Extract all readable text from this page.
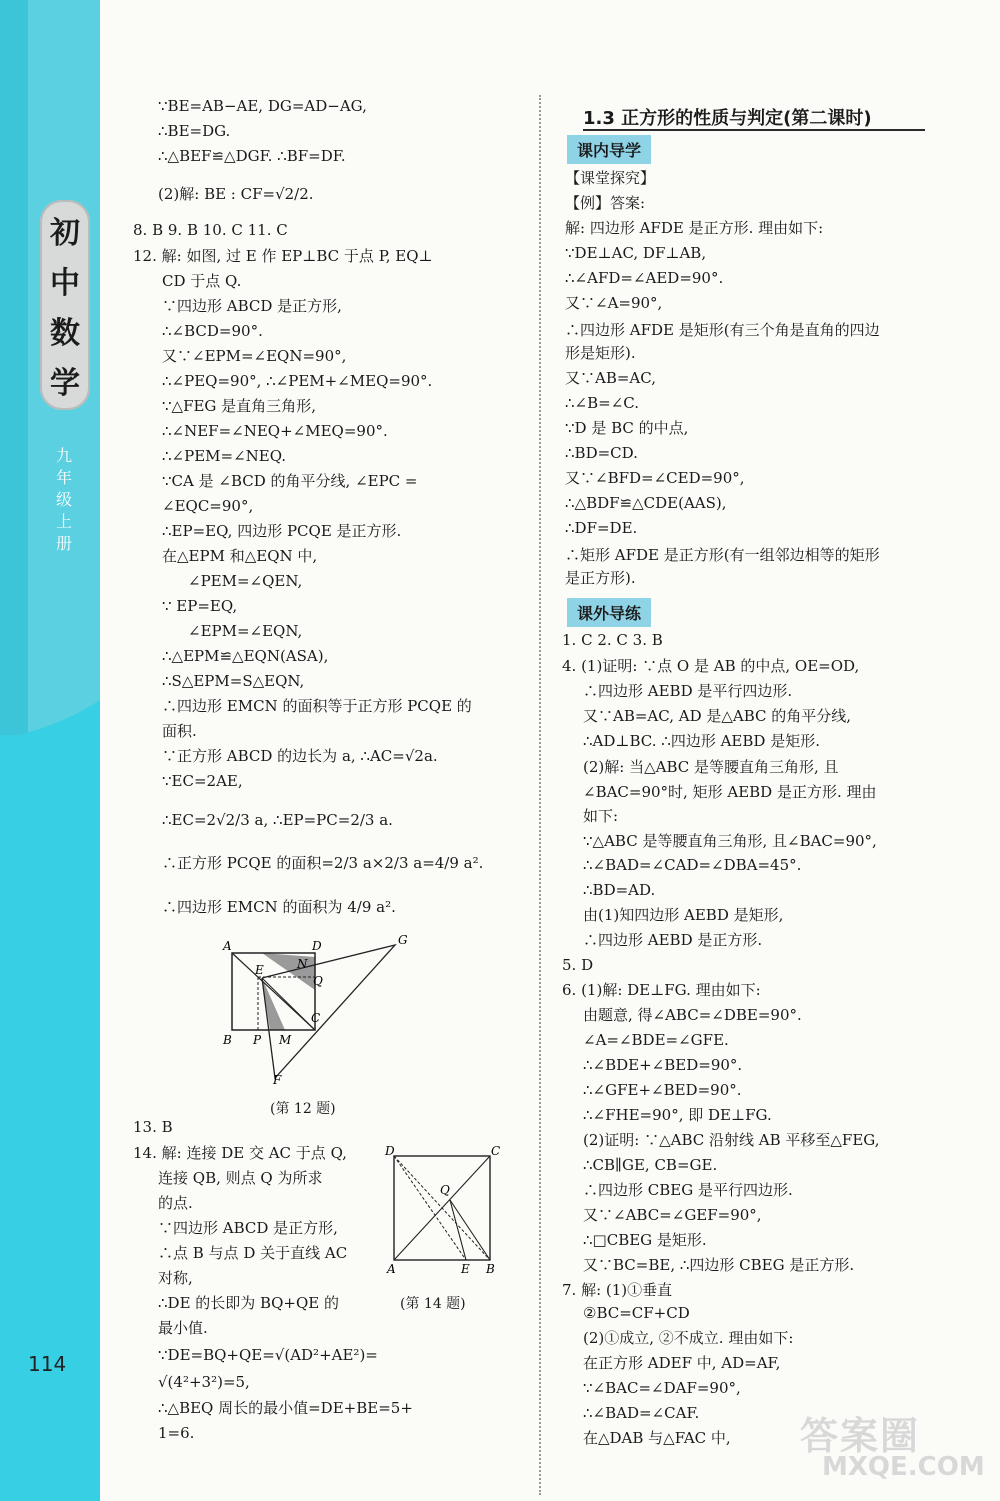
初
中
数
学
九
年
级
上
册
114
∵BE=AB−AE, DG=AD−AG,
∴BE=DG.
∴△BEF≌△DGF. ∴BF=DF.
(2)解: BE : CF=√2/2.
8. B 9. B 10. C 11. C
12. 解: 如图, 过 E 作 EP⊥BC 于点 P, EQ⊥
CD 于点 Q.
∵四边形 ABCD 是正方形,
∴∠BCD=90°.
又∵∠EPM=∠EQN=90°,
∴∠PEQ=90°, ∴∠PEM+∠MEQ=90°.
∵△FEG 是直角三角形,
∴∠NEF=∠NEQ+∠MEQ=90°.
∴∠PEM=∠NEQ.
∵CA 是 ∠BCD 的角平分线, ∠EPC =
∠EQC=90°,
∴EP=EQ, 四边形 PCQE 是正方形.
在△EPM 和△EQN 中,
∠PEM=∠QEN,
∵ EP=EQ,
∠EPM=∠EQN,
∴△EPM≌△EQN(ASA),
∴S△EPM=S△EQN,
∴四边形 EMCN 的面积等于正方形 PCQE 的
面积.
∵正方形 ABCD 的边长为 a, ∴AC=√2a.
∵EC=2AE,
∴EC=2√2/3 a, ∴EP=PC=2/3 a.
∴正方形 PCQE 的面积=2/3 a×2/3 a=4/9 a².
∴四边形 EMCN 的面积为 4/9 a².
A	D	G
N
E
Q
C
B P M
F
(第 12 题)
13. B
14. 解: 连接 DE 交 AC 于点 Q,
连接 QB, 则点 Q 为所求
的点.
∵四边形 ABCD 是正方形,
∴点 B 与点 D 关于直线 AC
对称,
∴DE 的长即为 BQ+QE 的
最小值.
∵DE=BQ+QE=√(AD²+AE²)=
√(4²+3²)=5,
∴△BEQ 周长的最小值=DE+BE=5+
1=6.
D	C
Q
A	E B
(第 14 题)
1.3 正方形的性质与判定(第二课时)
课内导学
【课堂探究】
【例】答案:
解: 四边形 AFDE 是正方形. 理由如下:
∵DE⊥AC, DF⊥AB,
∴∠AFD=∠AED=90°.
又∵∠A=90°,
∴四边形 AFDE 是矩形(有三个角是直角的四边
形是矩形).
又∵AB=AC,
∴∠B=∠C.
∵D 是 BC 的中点,
∴BD=CD.
又∵∠BFD=∠CED=90°,
∴△BDF≌△CDE(AAS),
∴DF=DE.
∴矩形 AFDE 是正方形(有一组邻边相等的矩形
是正方形).
课外导练
1. C 2. C 3. B
4. (1)证明: ∵点 O 是 AB 的中点, OE=OD,
∴四边形 AEBD 是平行四边形.
又∵AB=AC, AD 是△ABC 的角平分线,
∴AD⊥BC. ∴四边形 AEBD 是矩形.
(2)解: 当△ABC 是等腰直角三角形, 且
∠BAC=90°时, 矩形 AEBD 是正方形. 理由
如下:
∵△ABC 是等腰直角三角形, 且∠BAC=90°,
∴∠BAD=∠CAD=∠DBA=45°.
∴BD=AD.
由(1)知四边形 AEBD 是矩形,
∴四边形 AEBD 是正方形.
5. D
6. (1)解: DE⊥FG. 理由如下:
由题意, 得∠ABC=∠DBE=90°.
∠A=∠BDE=∠GFE.
∴∠BDE+∠BED=90°.
∴∠GFE+∠BED=90°.
∴∠FHE=90°, 即 DE⊥FG.
(2)证明: ∵△ABC 沿射线 AB 平移至△FEG,
∴CB∥GE, CB=GE.
∴四边形 CBEG 是平行四边形.
又∵∠ABC=∠GEF=90°,
∴□CBEG 是矩形.
又∵BC=BE, ∴四边形 CBEG 是正方形.
7. 解: (1)①垂直
②BC=CF+CD
(2)①成立, ②不成立. 理由如下:
在正方形 ADEF 中, AD=AF,
∵∠BAC=∠DAF=90°,
∴∠BAD=∠CAF.
在△DAB 与△FAC 中, 答案圈
MXQE.COM
